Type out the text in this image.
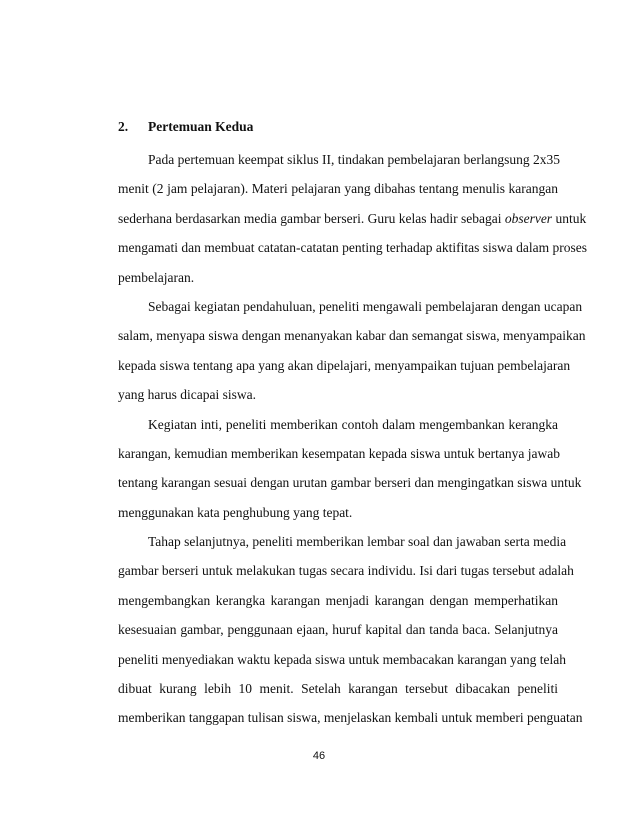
2. Pertemuan Kedua
Pada pertemuan keempat siklus II, tindakan pembelajaran berlangsung 2x35
menit (2 jam pelajaran). Materi pelajaran yang dibahas tentang menulis karangan
sederhana berdasarkan media gambar berseri. Guru kelas hadir sebagai observer untuk
mengamati dan membuat catatan-catatan penting terhadap aktifitas siswa dalam proses
pembelajaran.
Sebagai kegiatan pendahuluan, peneliti mengawali pembelajaran dengan ucapan
salam, menyapa siswa dengan menanyakan kabar dan semangat siswa, menyampaikan
kepada siswa tentang apa yang akan dipelajari, menyampaikan tujuan pembelajaran
yang harus dicapai siswa.
Kegiatan inti, peneliti memberikan contoh dalam mengembankan kerangka
karangan, kemudian memberikan kesempatan kepada siswa untuk bertanya jawab
tentang karangan sesuai dengan urutan gambar berseri dan mengingatkan siswa untuk
menggunakan kata penghubung yang tepat.
Tahap selanjutnya, peneliti memberikan lembar soal dan jawaban serta media
gambar berseri untuk melakukan tugas secara individu. Isi dari tugas tersebut adalah
mengembangkan kerangka karangan menjadi karangan dengan memperhatikan
kesesuaian gambar, penggunaan ejaan, huruf kapital dan tanda baca. Selanjutnya
peneliti menyediakan waktu kepada siswa untuk membacakan karangan yang telah
dibuat kurang lebih 10 menit. Setelah karangan tersebut dibacakan peneliti
memberikan tanggapan tulisan siswa, menjelaskan kembali untuk memberi penguatan
46
